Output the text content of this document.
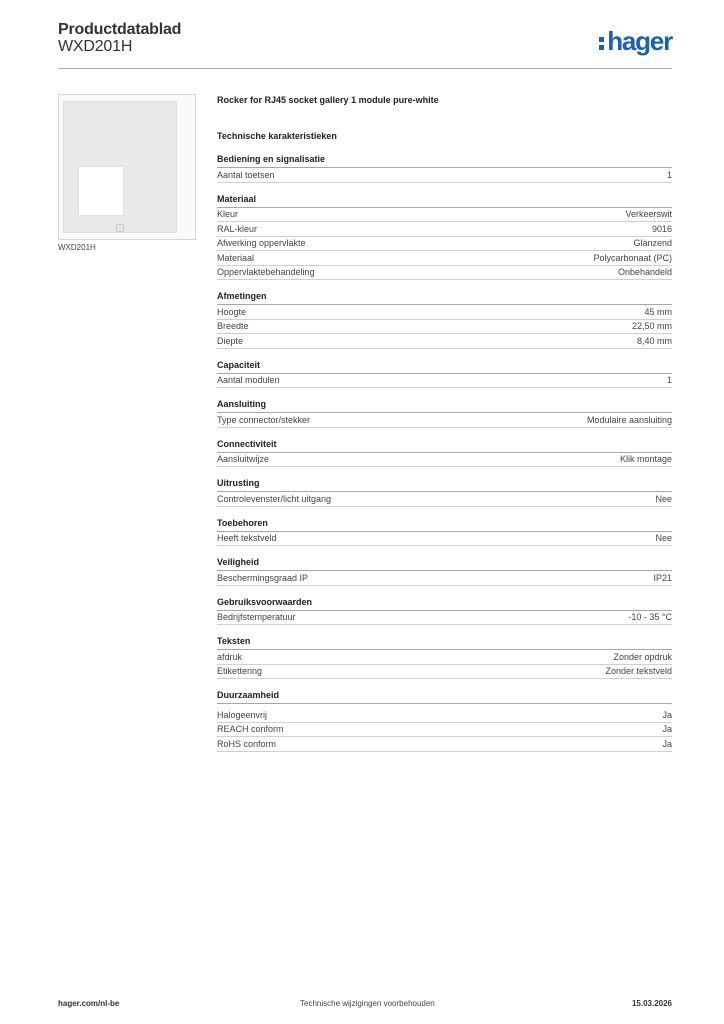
Productdatablad
WXD201H	hager
WXD201H
Rocker for RJ45 socket gallery 1 module pure-white
Technische karakteristieken
Bediening en signalisatie
Aantal toetsen	1
Materiaal
Kleur	Verkeerswit
RAL-kleur	9016
Afwerking oppervlakte	Glanzend
Materiaal	Polycarbonaat (PC)
Oppervlaktebehandeling	Onbehandeld
Afmetingen
Hoogte	45 mm
Breedte	22,50 mm
Diepte	8,40 mm
Capaciteit
Aantal modulen	1
Aansluiting
Type connector/stekker	Modulaire aansluiting
Connectiviteit
Aansluitwijze	Klik montage
Uitrusting
Controlevenster/licht uitgang	Nee
Toebehoren
Heeft tekstveld	Nee
Veiligheid
Beschermingsgraad IP	IP21
Gebruiksvoorwaarden
Bedrijfstemperatuur	-10 - 35 °C
Teksten
afdruk	Zonder opdruk
Etikettering	Zonder tekstveld
Duurzaamheid
Halogeenvrij	Ja
REACH conform	Ja
RoHS conform	Ja
hager.com/nl-be	Technische wijzigingen voorbehouden	15.03.2026
